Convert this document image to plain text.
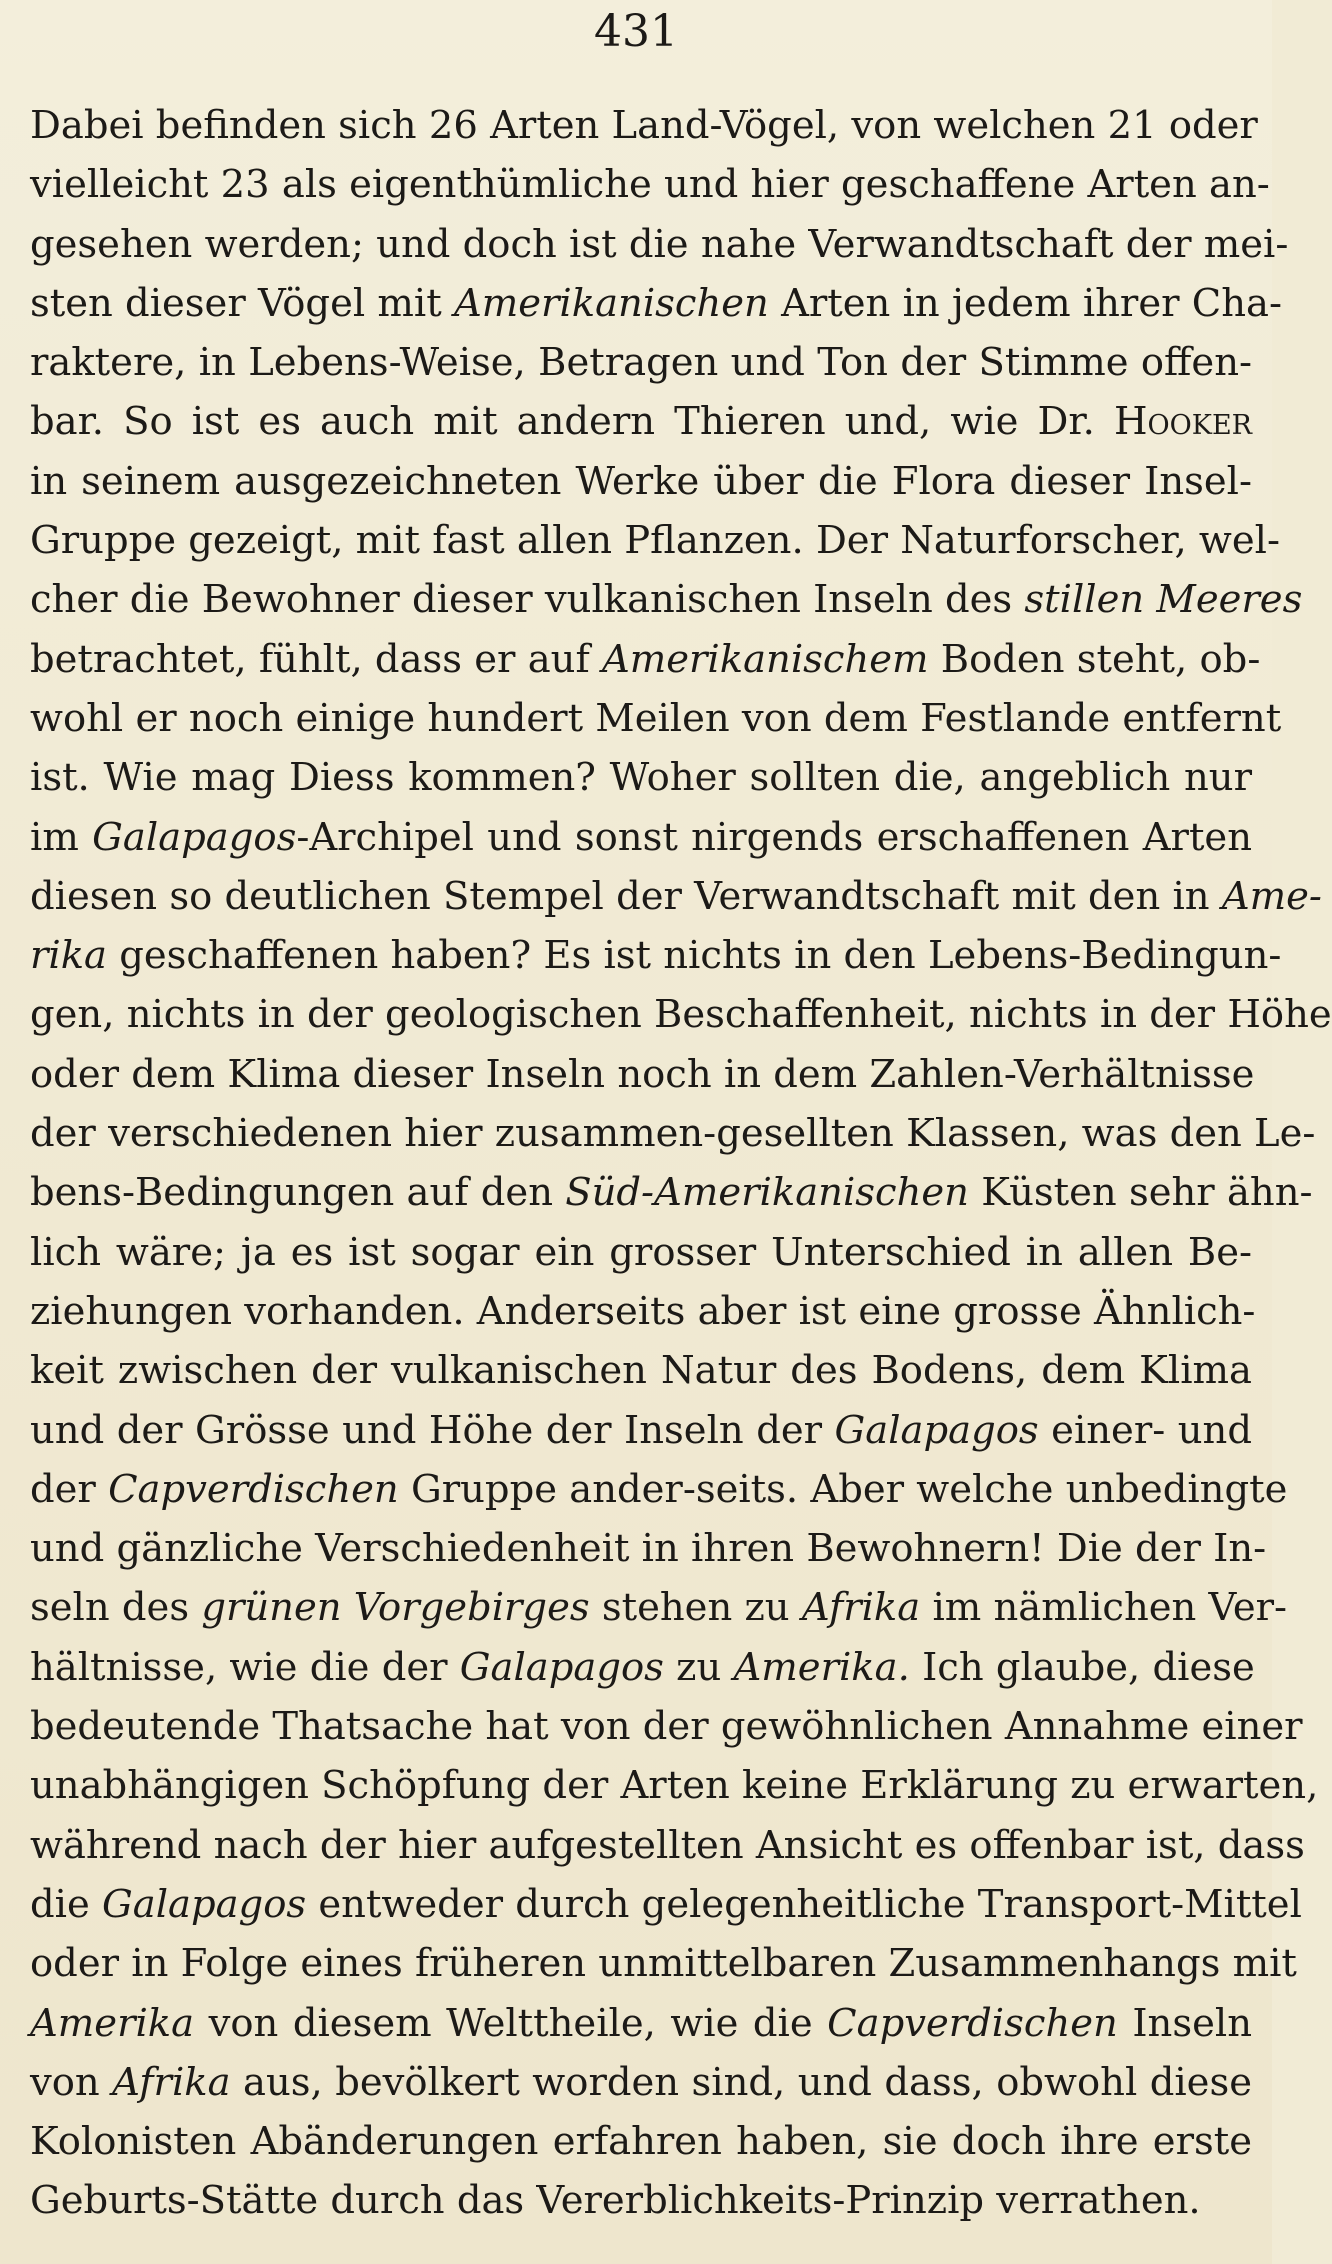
431
Dabei befinden sich 26 Arten Land-Vögel, von welchen 21 oder
vielleicht 23 als eigenthümliche und hier geschaffene Arten an-
gesehen werden; und doch ist die nahe Verwandtschaft der mei-
sten dieser Vögel mit Amerikanischen Arten in jedem ihrer Cha-
raktere, in Lebens-Weise, Betragen und Ton der Stimme offen-
bar. So ist es auch mit andern Thieren und, wie Dr. Hooker
in seinem ausgezeichneten Werke über die Flora dieser Insel-
Gruppe gezeigt, mit fast allen Pflanzen. Der Naturforscher, wel-
cher die Bewohner dieser vulkanischen Inseln des stillen Meeres
betrachtet, fühlt, dass er auf Amerikanischem Boden steht, ob-
wohl er noch einige hundert Meilen von dem Festlande entfernt
ist. Wie mag Diess kommen? Woher sollten die, angeblich nur
im Galapagos-Archipel und sonst nirgends erschaffenen Arten
diesen so deutlichen Stempel der Verwandtschaft mit den in Ame-
rika geschaffenen haben? Es ist nichts in den Lebens-Bedingun-
gen, nichts in der geologischen Beschaffenheit, nichts in der Höhe
oder dem Klima dieser Inseln noch in dem Zahlen-Verhältnisse
der verschiedenen hier zusammen-gesellten Klassen, was den Le-
bens-Bedingungen auf den Süd-Amerikanischen Küsten sehr ähn-
lich wäre; ja es ist sogar ein grosser Unterschied in allen Be-
ziehungen vorhanden. Anderseits aber ist eine grosse Ähnlich-
keit zwischen der vulkanischen Natur des Bodens, dem Klima
und der Grösse und Höhe der Inseln der Galapagos einer- und
der Capverdischen Gruppe ander-seits. Aber welche unbedingte
und gänzliche Verschiedenheit in ihren Bewohnern! Die der In-
seln des grünen Vorgebirges stehen zu Afrika im nämlichen Ver-
hältnisse, wie die der Galapagos zu Amerika. Ich glaube, diese
bedeutende Thatsache hat von der gewöhnlichen Annahme einer
unabhängigen Schöpfung der Arten keine Erklärung zu erwarten,
während nach der hier aufgestellten Ansicht es offenbar ist, dass
die Galapagos entweder durch gelegenheitliche Transport-Mittel
oder in Folge eines früheren unmittelbaren Zusammenhangs mit
Amerika von diesem Welttheile, wie die Capverdischen Inseln
von Afrika aus, bevölkert worden sind, und dass, obwohl diese
Kolonisten Abänderungen erfahren haben, sie doch ihre erste
Geburts-Stätte durch das Vererblichkeits-Prinzip verrathen.
